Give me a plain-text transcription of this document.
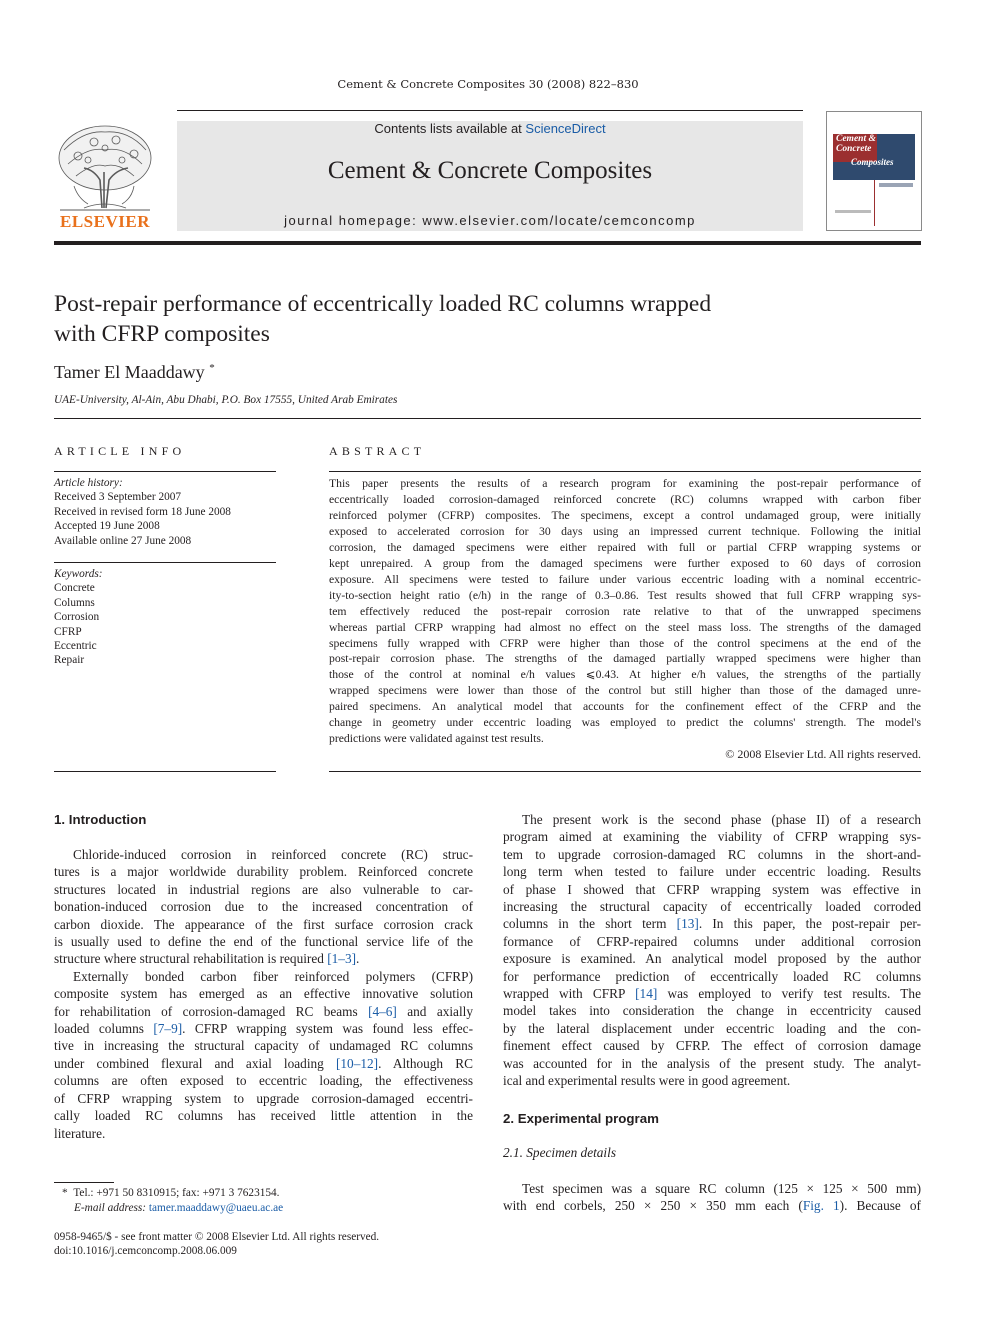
Cement & Concrete Composites 30 (2008) 822–830
ELSEVIER
Contents lists available at ScienceDirect
Cement & Concrete Composites
journal homepage: www.elsevier.com/locate/cemconcomp
Cement &
Concrete
Composites
Post-repair performance of eccentrically loaded RC columns wrapped
with CFRP composites
Tamer El Maaddawy *
UAE-University, Al-Ain, Abu Dhabi, P.O. Box 17555, United Arab Emirates
ARTICLE INFO
Article history:
Received 3 September 2007
Received in revised form 18 June 2008
Accepted 19 June 2008
Available online 27 June 2008
Keywords:
Concrete
Columns
Corrosion
CFRP
Eccentric
Repair
ABSTRACT
This paper presents the results of a research program for examining the post-repair performance of
eccentrically loaded corrosion-damaged reinforced concrete (RC) columns wrapped with carbon fiber
reinforced polymer (CFRP) composites. The specimens, except a control undamaged group, were initially
exposed to accelerated corrosion for 30 days using an impressed current technique. Following the initial
corrosion, the damaged specimens were either repaired with full or partial CFRP wrapping systems or
kept unrepaired. A group from the damaged specimens were further exposed to 60 days of corrosion
exposure. All specimens were tested to failure under various eccentric loading with a nominal eccentric-
ity-to-section height ratio (e/h) in the range of 0.3–0.86. Test results showed that full CFRP wrapping sys-
tem effectively reduced the post-repair corrosion rate relative to that of the unwrapped specimens
whereas partial CFRP wrapping had almost no effect on the steel mass loss. The strengths of the damaged
specimens fully wrapped with CFRP were higher than those of the control specimens at the end of the
post-repair corrosion phase. The strengths of the damaged partially wrapped specimens were higher than
those of the control at nominal e/h values ⩽0.43. At higher e/h values, the strengths of the partially
wrapped specimens were lower than those of the control but still higher than those of the damaged unre-
paired specimens. An analytical model that accounts for the confinement effect of the CFRP and the
change in geometry under eccentric loading was employed to predict the columns' strength. The model's
predictions were validated against test results.
© 2008 Elsevier Ltd. All rights reserved.
1. Introduction
Chloride-induced corrosion in reinforced concrete (RC) struc-
tures is a major worldwide durability problem. Reinforced concrete
structures located in industrial regions are also vulnerable to car-
bonation-induced corrosion due to the increased concentration of
carbon dioxide. The appearance of the first surface corrosion crack
is usually used to define the end of the functional service life of the
structure where structural rehabilitation is required [1–3].
Externally bonded carbon fiber reinforced polymers (CFRP)
composite system has emerged as an effective innovative solution
for rehabilitation of corrosion-damaged RC beams [4–6] and axially
loaded columns [7–9]. CFRP wrapping system was found less effec-
tive in increasing the structural capacity of undamaged RC columns
under combined flexural and axial loading [10–12]. Although RC
columns are often exposed to eccentric loading, the effectiveness
of CFRP wrapping system to upgrade corrosion-damaged eccentri-
cally loaded RC columns has received little attention in the
literature.
The present work is the second phase (phase II) of a research
program aimed at examining the viability of CFRP wrapping sys-
tem to upgrade corrosion-damaged RC columns in the short-and-
long term when tested to failure under eccentric loading. Results
of phase I showed that CFRP wrapping system was effective in
increasing the structural capacity of eccentrically loaded corroded
columns in the short term [13]. In this paper, the post-repair per-
formance of CFRP-repaired columns under additional corrosion
exposure is examined. An analytical model proposed by the author
for performance prediction of eccentrically loaded RC columns
wrapped with CFRP [14] was employed to verify test results. The
model takes into consideration the change in eccentricity caused
by the lateral displacement under eccentric loading and the con-
finement effect caused by CFRP. The effect of corrosion damage
was accounted for in the analysis of the present study. The analyt-
ical and experimental results were in good agreement.
2. Experimental program
2.1. Specimen details
Test specimen was a square RC column (125 × 125 × 500 mm)
with end corbels, 250 × 250 × 350 mm each (Fig. 1). Because of
* Tel.: +971 50 8310915; fax: +971 3 7623154.
E-mail address: tamer.maaddawy@uaeu.ac.ae
0958-9465/$ - see front matter © 2008 Elsevier Ltd. All rights reserved.
doi:10.1016/j.cemconcomp.2008.06.009
